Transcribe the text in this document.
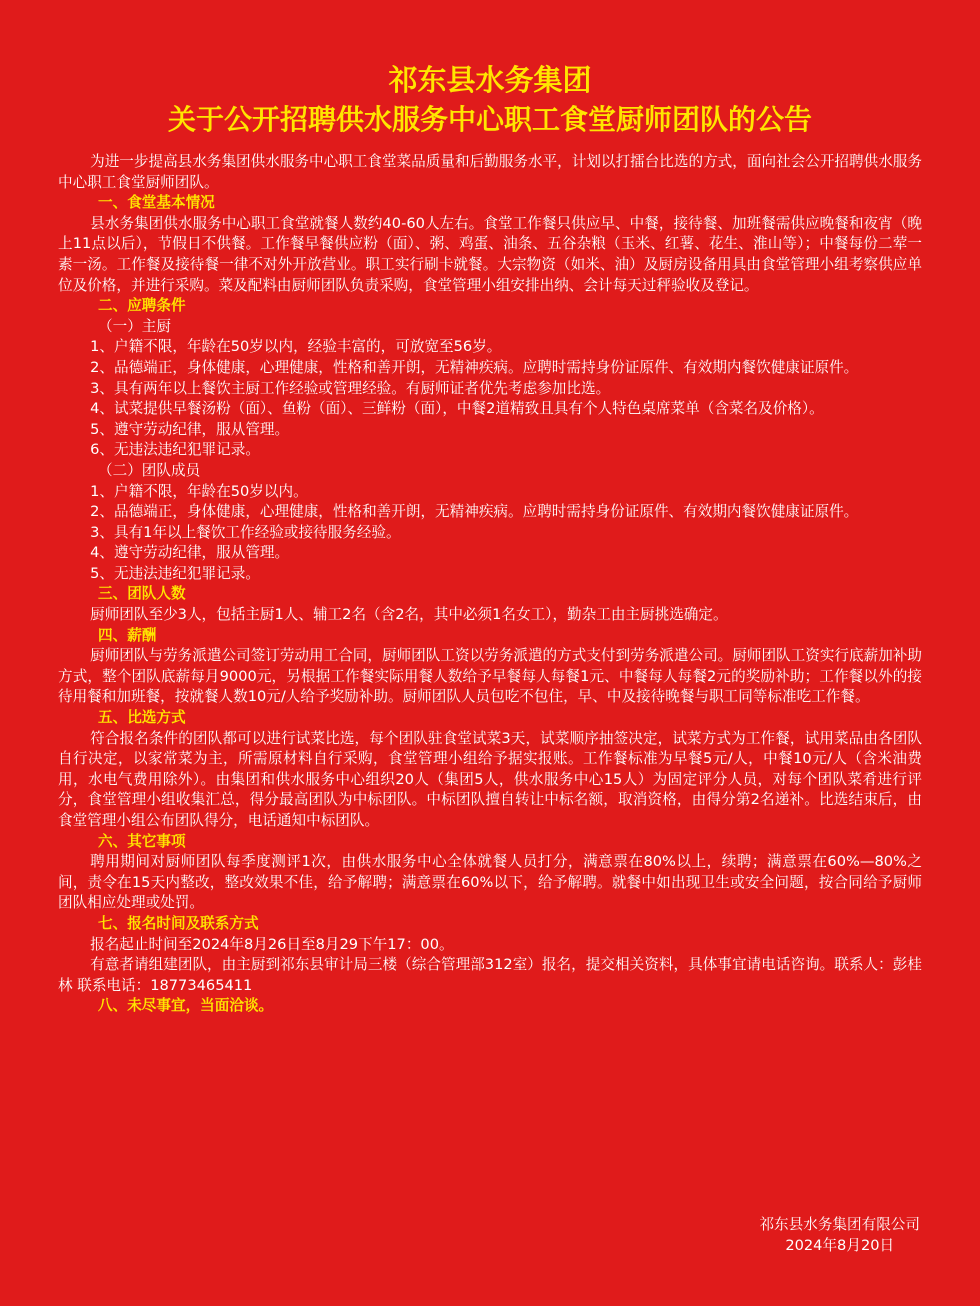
祁东县水务集团

关于公开招聘供水服务中心职工食堂厨师团队的公告

为进一步提高县水务集团供水服务中心职工食堂菜品质量和后勤服务水平，计划以打擂台比选的方式，面向社会公开招聘供水服务中心职工食堂厨师团队。

一、食堂基本情况

县水务集团供水服务中心职工食堂就餐人数约40-60人左右。食堂工作餐只供应早、中餐，接待餐、加班餐需供应晚餐和夜宵（晚上11点以后），节假日不供餐。工作餐早餐供应粉（面）、粥、鸡蛋、油条、五谷杂粮（玉米、红薯、花生、淮山等）；中餐每份二荤一素一汤。工作餐及接待餐一律不对外开放营业。职工实行刷卡就餐。大宗物资（如米、油）及厨房设备用具由食堂管理小组考察供应单位及价格，并进行采购。菜及配料由厨师团队负责采购，食堂管理小组安排出纳、会计每天过秤验收及登记。

二、应聘条件

（一）主厨

1、户籍不限，年龄在50岁以内，经验丰富的，可放宽至56岁。

2、品德端正，身体健康，心理健康，性格和善开朗，无精神疾病。应聘时需持身份证原件、有效期内餐饮健康证原件。

3、具有两年以上餐饮主厨工作经验或管理经验。有厨师证者优先考虑参加比选。

4、试菜提供早餐汤粉（面）、鱼粉（面）、三鲜粉（面），中餐2道精致且具有个人特色桌席菜单（含菜名及价格）。

5、遵守劳动纪律，服从管理。

6、无违法违纪犯罪记录。

（二）团队成员

1、户籍不限，年龄在50岁以内。

2、品德端正，身体健康，心理健康，性格和善开朗，无精神疾病。应聘时需持身份证原件、有效期内餐饮健康证原件。

3、具有1年以上餐饮工作经验或接待服务经验。

4、遵守劳动纪律，服从管理。

5、无违法违纪犯罪记录。

三、团队人数

厨师团队至少3人，包括主厨1人、辅工2名（含2名，其中必须1名女工），勤杂工由主厨挑选确定。

四、薪酬

厨师团队与劳务派遣公司签订劳动用工合同，厨师团队工资以劳务派遣的方式支付到劳务派遣公司。厨师团队工资实行底薪加补助方式，整个团队底薪每月9000元，另根据工作餐实际用餐人数给予早餐每人每餐1元、中餐每人每餐2元的奖励补助；工作餐以外的接待用餐和加班餐，按就餐人数10元/人给予奖励补助。厨师团队人员包吃不包住，早、中及接待晚餐与职工同等标准吃工作餐。

五、比选方式

符合报名条件的团队都可以进行试菜比选，每个团队驻食堂试菜3天，试菜顺序抽签决定，试菜方式为工作餐，试用菜品由各团队自行决定，以家常菜为主，所需原材料自行采购，食堂管理小组给予据实报账。工作餐标准为早餐5元/人，中餐10元/人（含米油费用，水电气费用除外）。由集团和供水服务中心组织20人（集团5人，供水服务中心15人）为固定评分人员，对每个团队菜肴进行评分，食堂管理小组收集汇总，得分最高团队为中标团队。中标团队擅自转让中标名额，取消资格，由得分第2名递补。比选结束后，由食堂管理小组公布团队得分，电话通知中标团队。

六、其它事项

聘用期间对厨师团队每季度测评1次，由供水服务中心全体就餐人员打分，满意票在80%以上，续聘；满意票在60%—80%之间，责令在15天内整改，整改效果不佳，给予解聘；满意票在60%以下，给予解聘。就餐中如出现卫生或安全问题，按合同给予厨师团队相应处理或处罚。

七、报名时间及联系方式

报名起止时间至2024年8月26日至8月29下午17：00。

有意者请组建团队，由主厨到祁东县审计局三楼（综合管理部312室）报名，提交相关资料，具体事宜请电话咨询。联系人：彭桂林 联系电话：18773465411

八、未尽事宜，当面洽谈。

祁东县水务集团有限公司
2024年8月20日
